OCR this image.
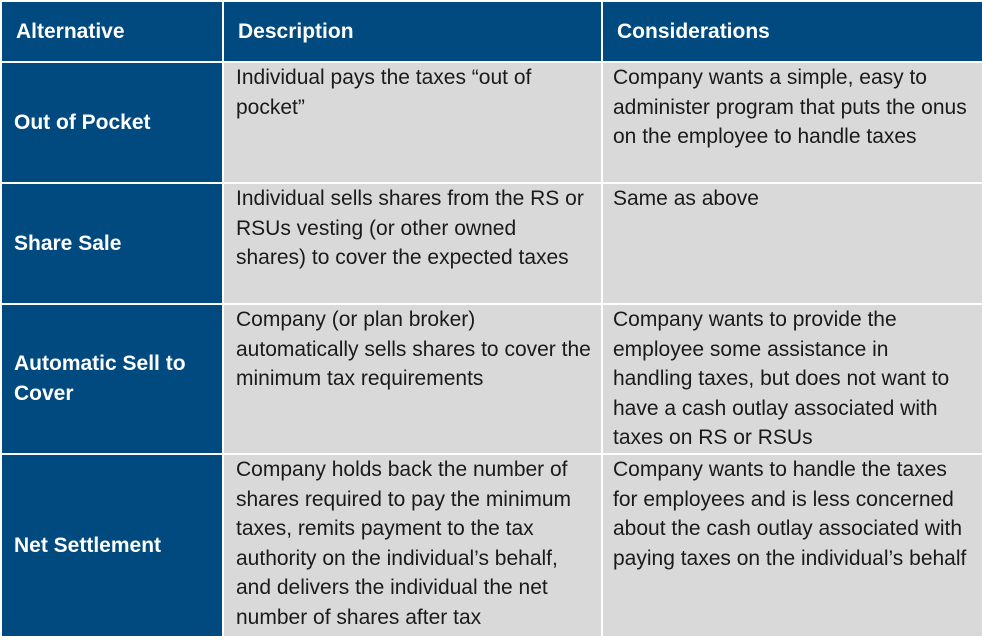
Alternative	Description	Considerations
Out of Pocket
Individual pays the taxes “out of pocket”
Company wants a simple, easy to administer program that puts the onus on the employee to handle taxes
Share Sale
Individual sells shares from the RS or RSUs vesting (or other owned shares) to cover the expected taxes
Same as above
Automatic Sell to Cover
Company (or plan broker) automatically sells shares to cover the minimum tax requirements
Company wants to provide the employee some assistance in handling taxes, but does not want to have a cash outlay associated with taxes on RS or RSUs
Net Settlement
Company holds back the number of shares required to pay the minimum taxes, remits payment to the tax authority on the individual’s behalf, and delivers the individual the net number of shares after tax
Company wants to handle the taxes for employees and is less concerned about the cash outlay associated with paying taxes on the individual’s behalf
